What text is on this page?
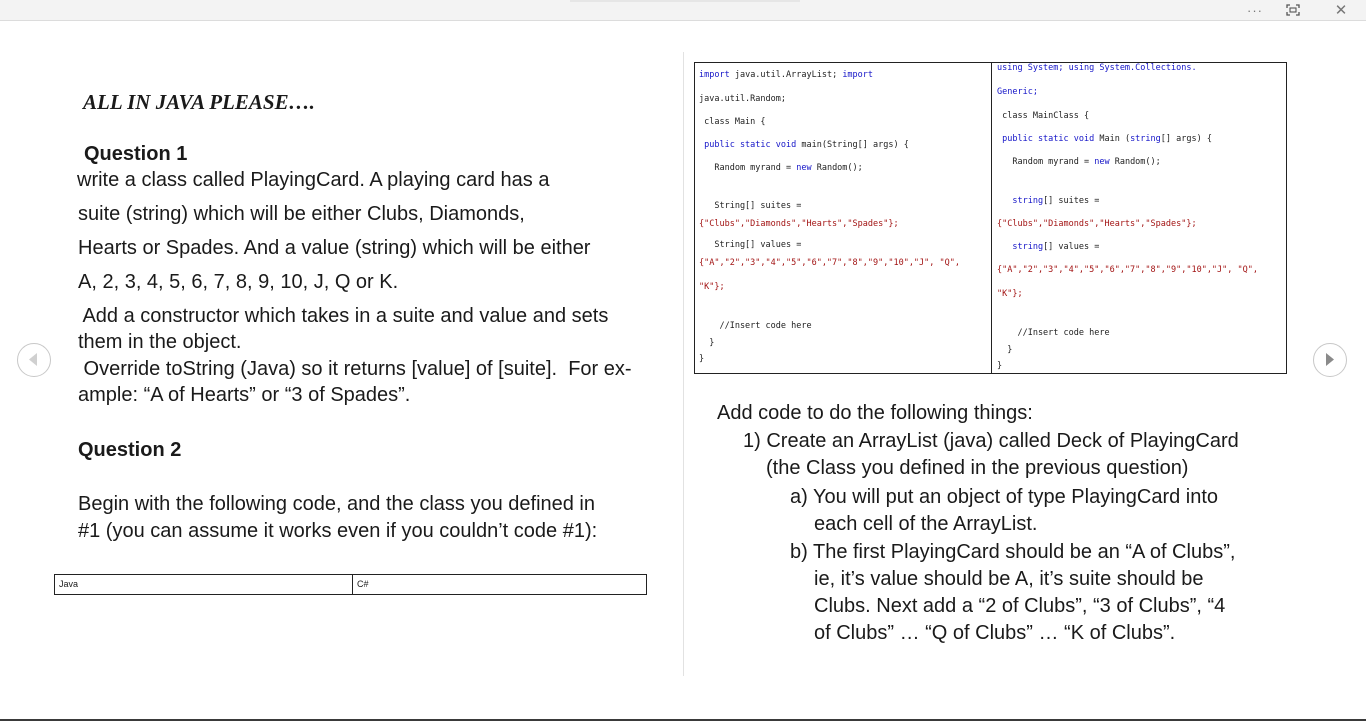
···	✕
ALL IN JAVA PLEASE….
Question 1
write a class called PlayingCard. A playing card has a
suite (string) which will be either Clubs, Diamonds,
Hearts or Spades. And a value (string) which will be either
A, 2, 3, 4, 5, 6, 7, 8, 9, 10, J, Q or K.
Add a constructor which takes in a suite and value and sets
them in the object.
Override toString (Java) so it returns [value] of [suite].  For ex-
ample: “A of Hearts” or “3 of Spades”.
Question 2
Begin with the following code, and the class you defined in
#1 (you can assume it works even if you couldn’t code #1):
Java	C#
import java.util.ArrayList; import
java.util.Random;
class Main {
public static void main(String[] args) {
Random myrand = new Random();
String[] suites =
{"Clubs","Diamonds","Hearts","Spades"};
String[] values =
{"A","2","3","4","5","6","7","8","9","10","J", "Q",
"K"};
//Insert code here
}
}
using System; using System.Collections.
Generic;
class MainClass {
public static void Main (string[] args) {
Random myrand = new Random();
string[] suites =
{"Clubs","Diamonds","Hearts","Spades"};
string[] values =
{"A","2","3","4","5","6","7","8","9","10","J", "Q",
"K"};
//Insert code here
}
}
Add code to do the following things:
1) Create an ArrayList (java) called Deck of PlayingCard
(the Class you defined in the previous question)
a) You will put an object of type PlayingCard into
each cell of the ArrayList.
b) The first PlayingCard should be an “A of Clubs”,
ie, it’s value should be A, it’s suite should be
Clubs. Next add a “2 of Clubs”, “3 of Clubs”, “4
of Clubs” … “Q of Clubs” … “K of Clubs”.
